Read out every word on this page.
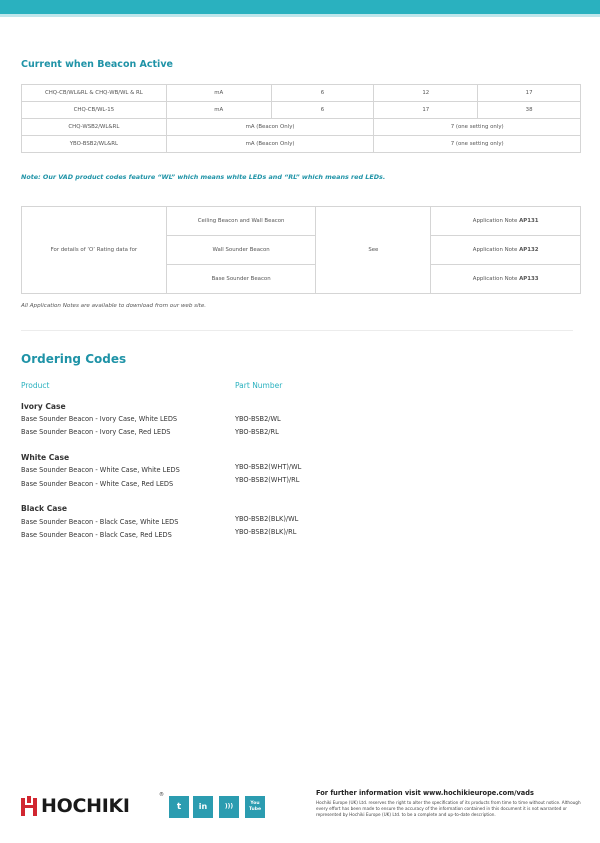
Current when Beacon Active
CHQ-CB/WL&RL & CHQ-WB/WL & RL	mA	6	12	17
CHQ-CB/WL-15	mA	6	17	38
CHQ-WSB2/WL&RL	mA (Beacon Only)		7 (one setting only)	
YBO-BSB2/WL&RL	mA (Beacon Only)		7 (one setting only)	
Note: Our VAD product codes feature “WL” which means white LEDs and “RL” which means red LEDs.
For details of ‘O’ Rating data for	Ceiling Beacon and Wall Beacon	See	Application Note AP131
	Wall Sounder Beacon		Application Note AP132
	Base Sounder Beacon		Application Note AP133
All Application Notes are available to download from our web site.
Ordering Codes
Product	Part Number
Ivory Case
Base Sounder Beacon - Ivory Case, White LEDS	YBO-BSB2/WL
Base Sounder Beacon - Ivory Case, Red LEDS	YBO-BSB2/RL
White Case
Base Sounder Beacon - White Case, White LEDS	YBO-BSB2(WHT)/WL
Base Sounder Beacon - White Case, Red LEDS	YBO-BSB2(WHT)/RL
Black Case
Base Sounder Beacon - Black Case, White LEDS	YBO-BSB2(BLK)/WL
Base Sounder Beacon - Black Case, Red LEDS	YBO-BSB2(BLK)/RL
HOCHIKI	®
t	in	)))	You Tube
For further information visit www.hochikieurope.com/vads
Hochiki Europe (UK) Ltd. reserves the right to alter the specification of its products from time to time without notice. Although every effort has been made to ensure the accuracy of the information contained in this document it is not warranted or represented by Hochiki Europe (UK) Ltd. to be a complete and up-to-date description.
